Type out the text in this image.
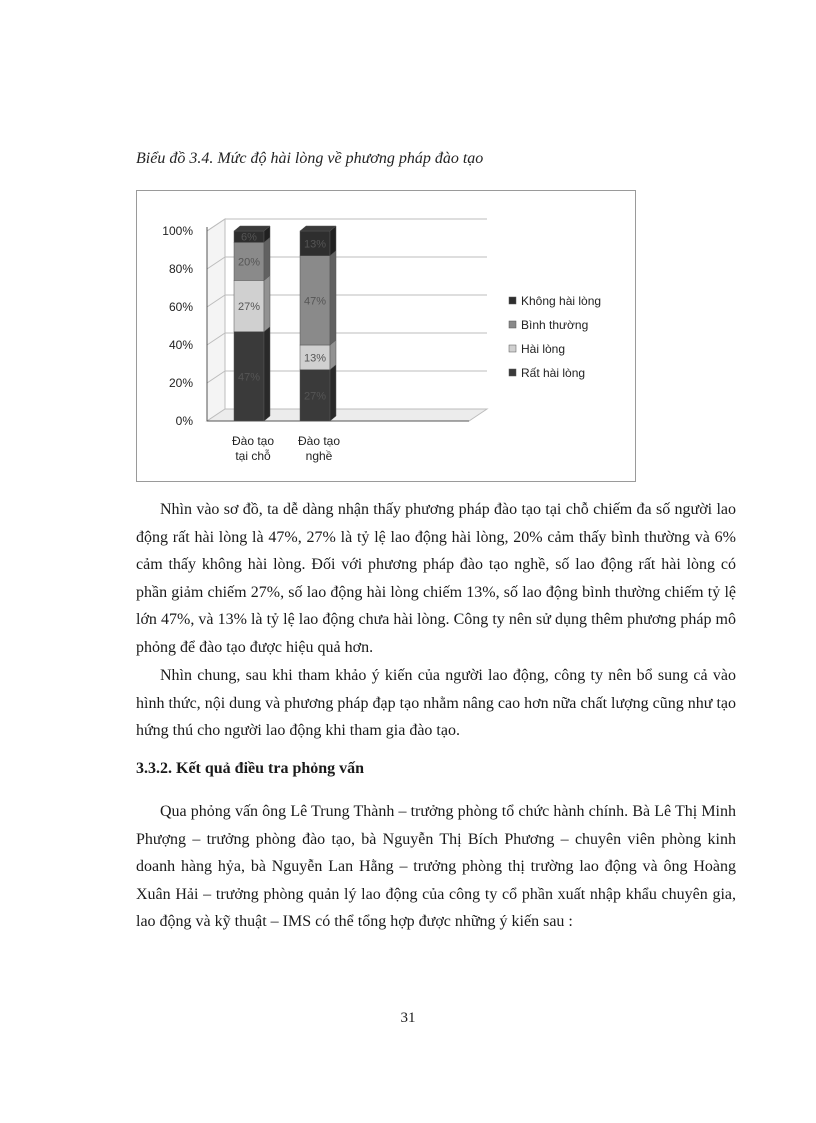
Biểu đồ 3.4. Mức độ hài lòng về phương pháp đào tạo
0%
20%
40%
60%
80%
100%
47%
27%
20%
6%
Đào tạo
tại chỗ
27%
13%
47%
13%
Đào tạo
nghề
Không hài lòng
Bình thường
Hài lòng
Rất hài lòng

Nhìn vào sơ đồ, ta dễ dàng nhận thấy phương pháp đào tạo tại chỗ chiếm đa số người lao động rất hài lòng là 47%, 27% là tỷ lệ lao động hài lòng, 20% cảm thấy bình thường và 6% cảm thấy không hài lòng. Đối với phương pháp đào tạo nghề, số lao động rất hài lòng có phần giảm chiếm 27%, số lao động hài lòng chiếm 13%, số lao động bình thường chiếm tỷ lệ lớn 47%, và 13% là tỷ lệ lao động chưa hài lòng. Công ty nên sử dụng thêm phương pháp mô phỏng để đào tạo được hiệu quả hơn.

Nhìn chung, sau khi tham khảo ý kiến của người lao động, công ty nên bổ sung cả vào hình thức, nội dung và phương pháp đạp tạo nhằm nâng cao hơn nữa chất lượng cũng như tạo hứng thú cho người lao động khi tham gia đào tạo.

3.3.2. Kết quả điều tra phỏng vấn

Qua phỏng vấn ông Lê Trung Thành – trưởng phòng tổ chức hành chính. Bà Lê Thị Minh Phượng – trưởng phòng đào tạo, bà Nguyễn Thị Bích Phương – chuyên viên phòng kinh doanh hàng hỷa, bà Nguyễn Lan Hằng – trưởng phòng thị trường lao động và ông Hoàng Xuân Hải – trưởng phòng quản lý lao động của công ty cổ phần xuất nhập khẩu chuyên gia, lao động và kỹ thuật – IMS có thể tổng hợp được những ý kiến sau :

31
